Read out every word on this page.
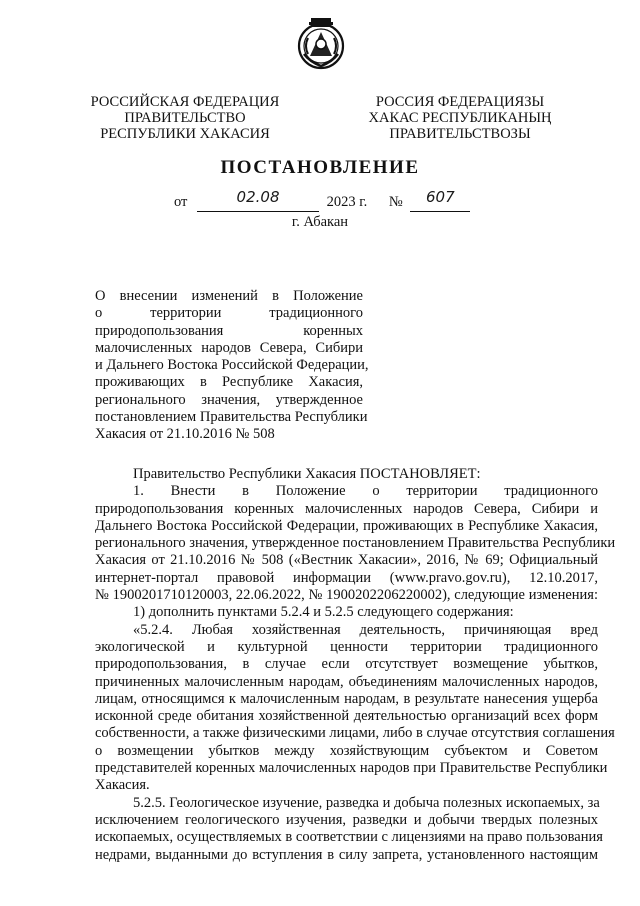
РОССИЙСКАЯ ФЕДЕРАЦИЯ
ПРАВИТЕЛЬСТВО
РЕСПУБЛИКИ ХАКАСИЯ
РОССИЯ ФЕДЕРАЦИЯЗЫ
ХАКАС РЕСПУБЛИКАНЫҢ
ПРАВИТЕЛЬСТВОЗЫ
ПОСТАНОВЛЕНИЕ
от	02.08	2023 г. №	607
г. Абакан
О внесении изменений в Положение
о территории традиционного
природопользования коренных
малочисленных народов Севера, Сибири
и Дальнего Востока Российской Федерации,
проживающих в Республике Хакасия,
регионального значения, утвержденное
постановлением Правительства Республики
Хакасия от 21.10.2016 № 508
Правительство Республики Хакасия ПОСТАНОВЛЯЕТ:
1. Внести в Положение о территории традиционного
природопользования коренных малочисленных народов Севера, Сибири и
Дальнего Востока Российской Федерации, проживающих в Республике Хакасия,
регионального значения, утвержденное постановлением Правительства Республики
Хакасия от 21.10.2016 № 508 («Вестник Хакасии», 2016, № 69; Официальный
интернет-портал правовой информации (www.pravo.gov.ru), 12.10.2017,
№ 1900201710120003, 22.06.2022, № 1900202206220002), следующие изменения:
1) дополнить пунктами 5.2.4 и 5.2.5 следующего содержания:
«5.2.4. Любая хозяйственная деятельность, причиняющая вред
экологической и культурной ценности территории традиционного
природопользования, в случае если отсутствует возмещение убытков,
причиненных малочисленным народам, объединениям малочисленных народов,
лицам, относящимся к малочисленным народам, в результате нанесения ущерба
исконной среде обитания хозяйственной деятельностью организаций всех форм
собственности, а также физическими лицами, либо в случае отсутствия соглашения
о возмещении убытков между хозяйствующим субъектом и Советом
представителей коренных малочисленных народов при Правительстве Республики
Хакасия.
5.2.5. Геологическое изучение, разведка и добыча полезных ископаемых, за
исключением геологического изучения, разведки и добычи твердых полезных
ископаемых, осуществляемых в соответствии с лицензиями на право пользования
недрами, выданными до вступления в силу запрета, установленного настоящим
